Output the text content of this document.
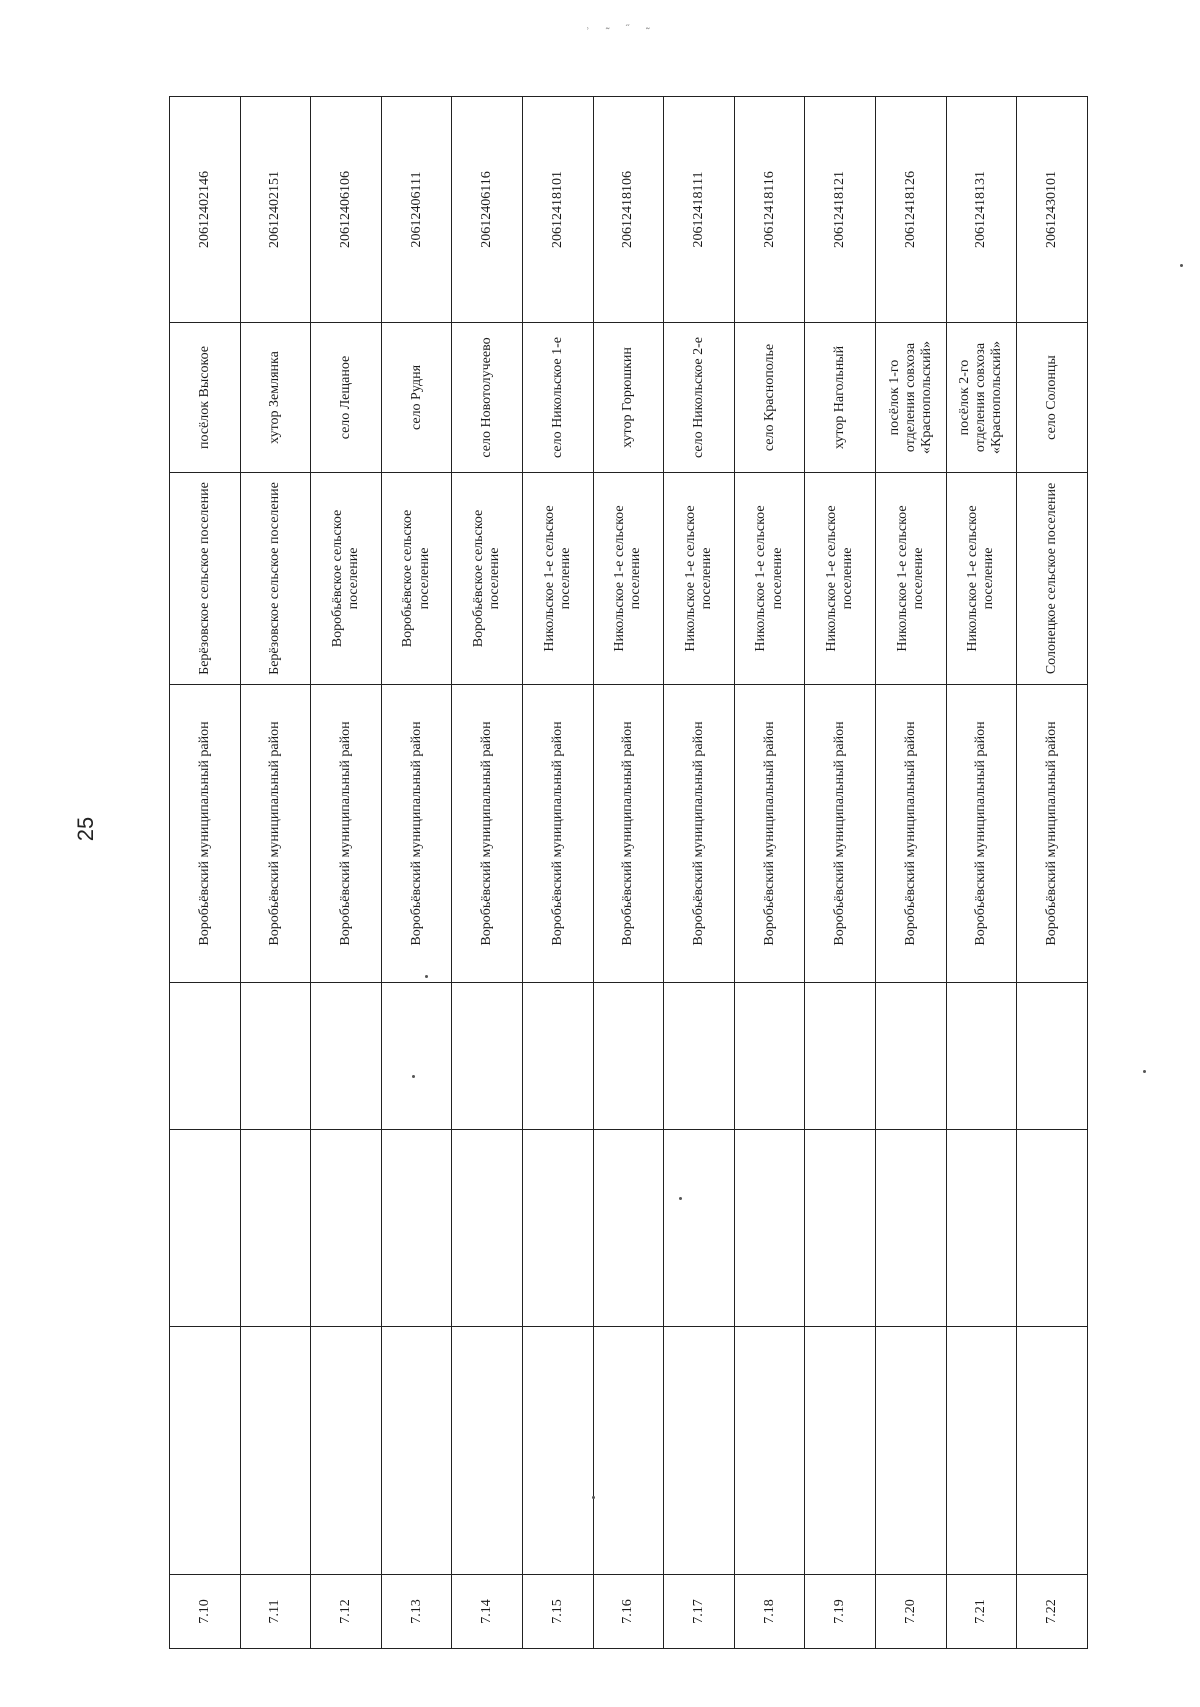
25
⸒ ˷ ˶ ˷
7.10				Воробьёвский муниципальный район	Берёзовское сельское поселение	посёлок Высокое	20612402146
7.11				Воробьёвский муниципальный район	Берёзовское сельское поселение	хутор Землянка	20612402151
7.12				Воробьёвский муниципальный район	Воробьёвское сельское поселение	село Лещаное	20612406106
7.13				Воробьёвский муниципальный район	Воробьёвское сельское поселение	село Рудня	20612406111
7.14				Воробьёвский муниципальный район	Воробьёвское сельское поселение	село Новотолучеево	20612406116
7.15				Воробьёвский муниципальный район	Никольское 1-е сельское поселение	село Никольское 1-е	20612418101
7.16				Воробьёвский муниципальный район	Никольское 1-е сельское поселение	хутор Горюшкин	20612418106
7.17				Воробьёвский муниципальный район	Никольское 1-е сельское поселение	село Никольское 2-е	20612418111
7.18				Воробьёвский муниципальный район	Никольское 1-е сельское поселение	село Краснополье	20612418116
7.19				Воробьёвский муниципальный район	Никольское 1-е сельское поселение	хутор Нагольный	20612418121
7.20				Воробьёвский муниципальный район	Никольское 1-е сельское поселение	посёлок 1-го отделения совхоза «Краснопольский»	20612418126
7.21				Воробьёвский муниципальный район	Никольское 1-е сельское поселение	посёлок 2-го отделения совхоза «Краснопольский»	20612418131
7.22				Воробьёвский муниципальный район	Солонецкое сельское поселение	село Солонцы	20612430101
